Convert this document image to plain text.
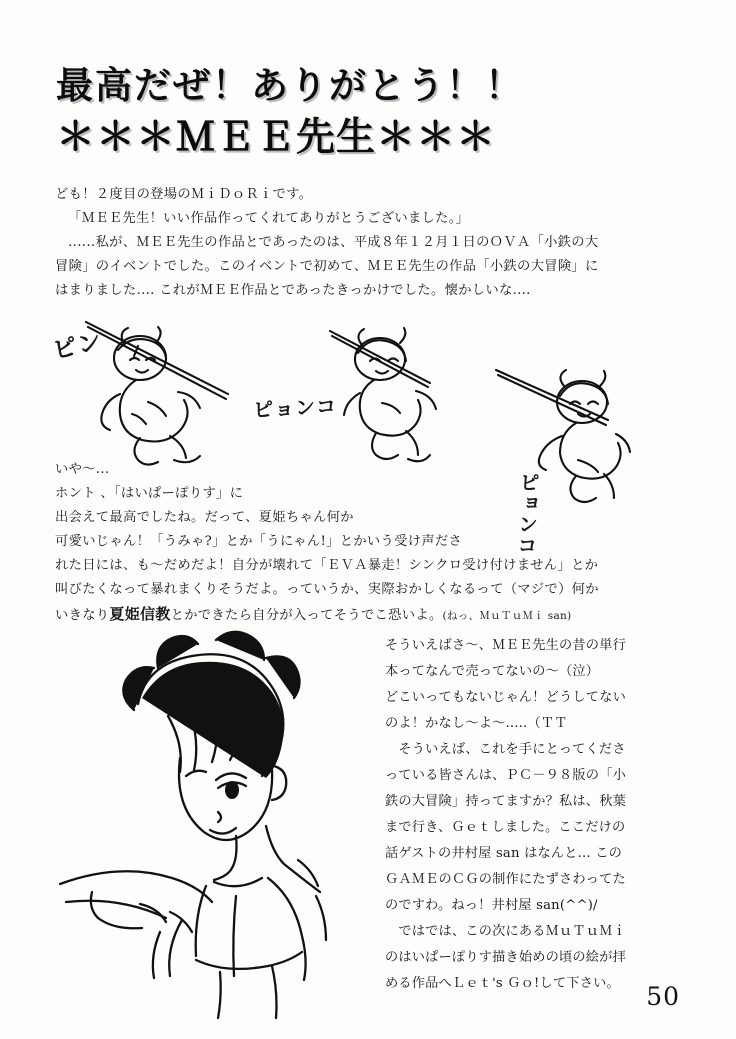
最高だぜ！ありがとう！！
＊＊＊ＭＥＥ先生＊＊＊

ども！２度目の登場のＭｉＤｏＲｉです。

「ＭＥＥ先生！いい作品作ってくれてありがとうございました。」

‥‥‥私が、ＭＥＥ先生の作品とであったのは、平成８年１２月１日のＯＶＡ「小鉄の大

冒険」のイベントでした。このイベントで初めて、ＭＥＥ先生の作品「小鉄の大冒険」に

はまりました.... これがＭＥＥ作品とであったきっかけでした。懐かしいな....

ピン
ピョンコ
ピョンコ

いや～...

ホント 、「はいぱーぽりす」に

出会えて最高でしたね。だって、夏姫ちゃん何か

可愛いじゃん！「うみゃ?」とか「うにゃん!」とかいう受け声ださ

れた日には、も～だめだよ！自分が壊れて「ＥＶＡ暴走！シンクロ受け付けません」とか

叫びたくなって暴れまくりそうだよ。っていうか、実際おかしくなるって（マジで）何か

いきなり夏姫信教とかできたら自分が入ってそうでこ恐いよ。(ねっ、ＭｕＴｕＭｉ san)

そういえばさ～、ＭＥＥ先生の昔の単行

本ってなんで売ってないの～（泣）

どこいってもないじゃん！どうしてない

のよ！かなし～よ～.....（ＴＴ

　そういえば、これを手にとってくださ

っている皆さんは、ＰＣ－９８版の「小

鉄の大冒険」持ってますか？私は、秋葉

まで行き、Ｇｅｔしました。ここだけの

話ゲストの井村屋 san はなんと... この

ＧＡＭＥのＣＧの制作にたずさわってた

のですわ。ねっ！井村屋 san(^^)/

　ではでは、この次にあるＭｕＴｕＭｉ

のはいぱーぽりす描き始めの頃の絵が拝

める作品へＬｅｔ's Ｇｏ!して下さい。	50
